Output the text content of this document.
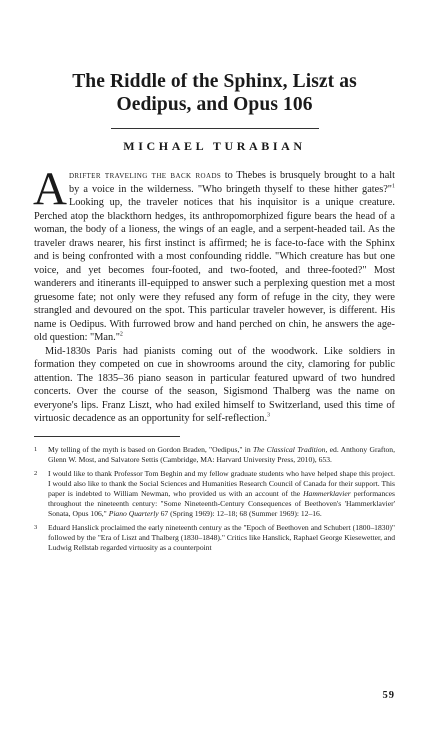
The Riddle of the Sphinx, Liszt as
Oedipus, and Opus 106
MICHAEL TURABIAN

Adrifter traveling the back roads to Thebes is brusquely brought to a halt by a voice in the wilderness. "Who bringeth thyself to these hither gates?"$^1$ Looking up, the traveler notices that his inquisitor is a unique creature. Perched atop the blackthorn hedges, its anthropomorphized figure bears the head of a woman, the body of a lioness, the wings of an eagle, and a serpent-headed tail. As the traveler draws nearer, his first instinct is affirmed; he is face-to-face with the Sphinx and is being confronted with a most confounding riddle. "Which creature has but one voice, and yet becomes four-footed, and two-footed, and three-footed?" Most wanderers and itinerants ill-equipped to answer such a perplexing question met a most gruesome fate; not only were they refused any form of refuge in the city, they were strangled and devoured on the spot. This particular traveler however, is different. His name is Oedipus. With furrowed brow and hand perched on chin, he answers the age-old question: "Man."$^2$

Mid-1830s Paris had pianists coming out of the woodwork. Like soldiers in formation they competed on cue in showrooms around the city, clamoring for public attention. The 1835–36 piano season in particular featured upward of two hundred concerts. Over the course of the season, Sigismond Thalberg was the name on everyone's lips. Franz Liszt, who had exiled himself to Switzerland, used this time of virtuosic decadence as an opportunity for self-reflection.$^3$

1	My telling of the myth is based on Gordon Braden, "Oedipus," in The Classical Tradition, ed. Anthony Grafton, Glenn W. Most, and Salvatore Settis (Cambridge, MA: Harvard University Press, 2010), 653.
2	I would like to thank Professor Tom Beghin and my fellow graduate students who have helped shape this project. I would also like to thank the Social Sciences and Humanities Research Council of Canada for their support. This paper is indebted to William Newman, who provided us with an account of the Hammerklavier performances throughout the nineteenth century: "Some Nineteenth-Century Consequences of Beethoven's 'Hammerklavier' Sonata, Opus 106," Piano Quarterly 67 (Spring 1969): 12–18; 68 (Summer 1969): 12–16.
3	Eduard Hanslick proclaimed the early nineteenth century as the "Epoch of Beethoven and Schubert (1800–1830)" followed by the "Era of Liszt and Thalberg (1830–1848)." Critics like Hanslick, Raphael George Kiesewetter, and Ludwig Rellstab regarded virtuosity as a counterpoint
59
